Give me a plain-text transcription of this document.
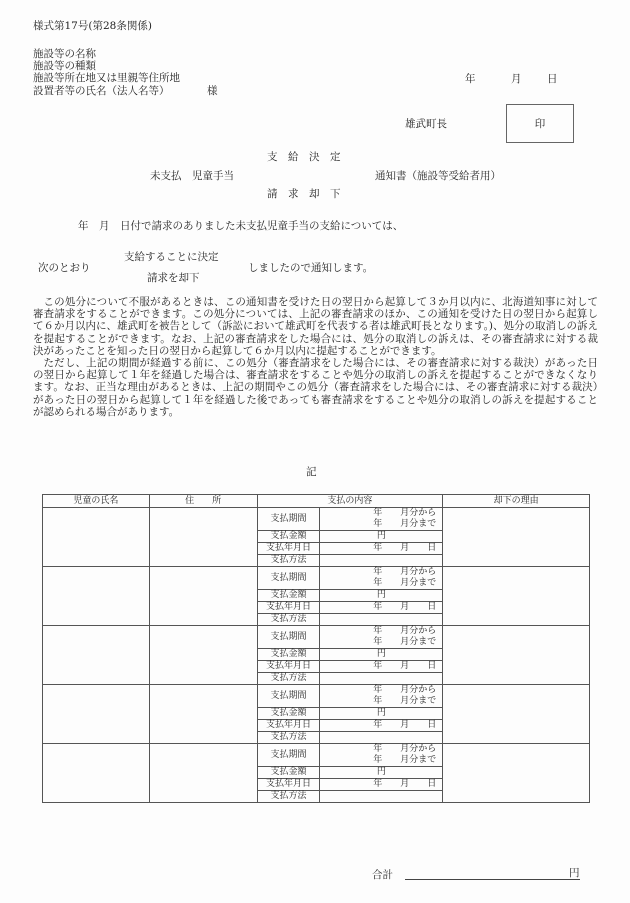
様式第17号(第28条関係)
施設等の名称
施設等の種類
施設等所在地又は里親等住所地
設置者等の氏名（法人名等）	様
年	月 日
雄武町長	印
支　給　決　定
未支払　児童手当	通知書（施設等受給者用）
請　求　却　下
年　月　日付で請求のありました未支払児童手当の支給については、
次のとおり
支給することに決定
請求を却下
しましたので通知します。

この処分について不服があるときは、この通知書を受けた日の翌日から起算して３か月以内に、北海道知事に対して審査請求をすることができます。この処分については、上記の審査請求のほか、この通知を受けた日の翌日から起算して６か月以内に、雄武町を被告として（訴訟において雄武町を代表する者は雄武町長となります。)、処分の取消しの訴えを提起することができます。なお、上記の審査請求をした場合には、処分の取消しの訴えは、その審査請求に対する裁決があったことを知った日の翌日から起算して６か月以内に提起することができます。

ただし、上記の期間が経過する前に、この処分（審査請求をした場合には、その審査請求に対する裁決）があった日の翌日から起算して１年を経過した場合は、審査請求をすることや処分の取消しの訴えを提起することができなくなります。なお、正当な理由があるときは、上記の期間やこの処分（審査請求をした場合には、その審査請求に対する裁決）があった日の翌日から起算して１年を経過した後であっても審査請求をすることや処分の取消しの訴えを提起することが認められる場合があります。

記
児童の氏名	住　　所	支払の内容		却下の理由
		支払期間	年　　月分から	
			年　　月分まで	
		支払金額	円	
		支払年月日	年　　月　　日	
		支払方法		
		支払期間	年　　月分から	
			年　　月分まで	
		支払金額	円	
		支払年月日	年　　月　　日	
		支払方法		
		支払期間	年　　月分から	
			年　　月分まで	
		支払金額	円	
		支払年月日	年　　月　　日	
		支払方法		
		支払期間	年　　月分から	
			年　　月分まで	
		支払金額	円	
		支払年月日	年　　月　　日	
		支払方法		
		支払期間	年　　月分から	
			年　　月分まで	
		支払金額	円	
		支払年月日	年　　月　　日	
		支払方法		
合計	円
